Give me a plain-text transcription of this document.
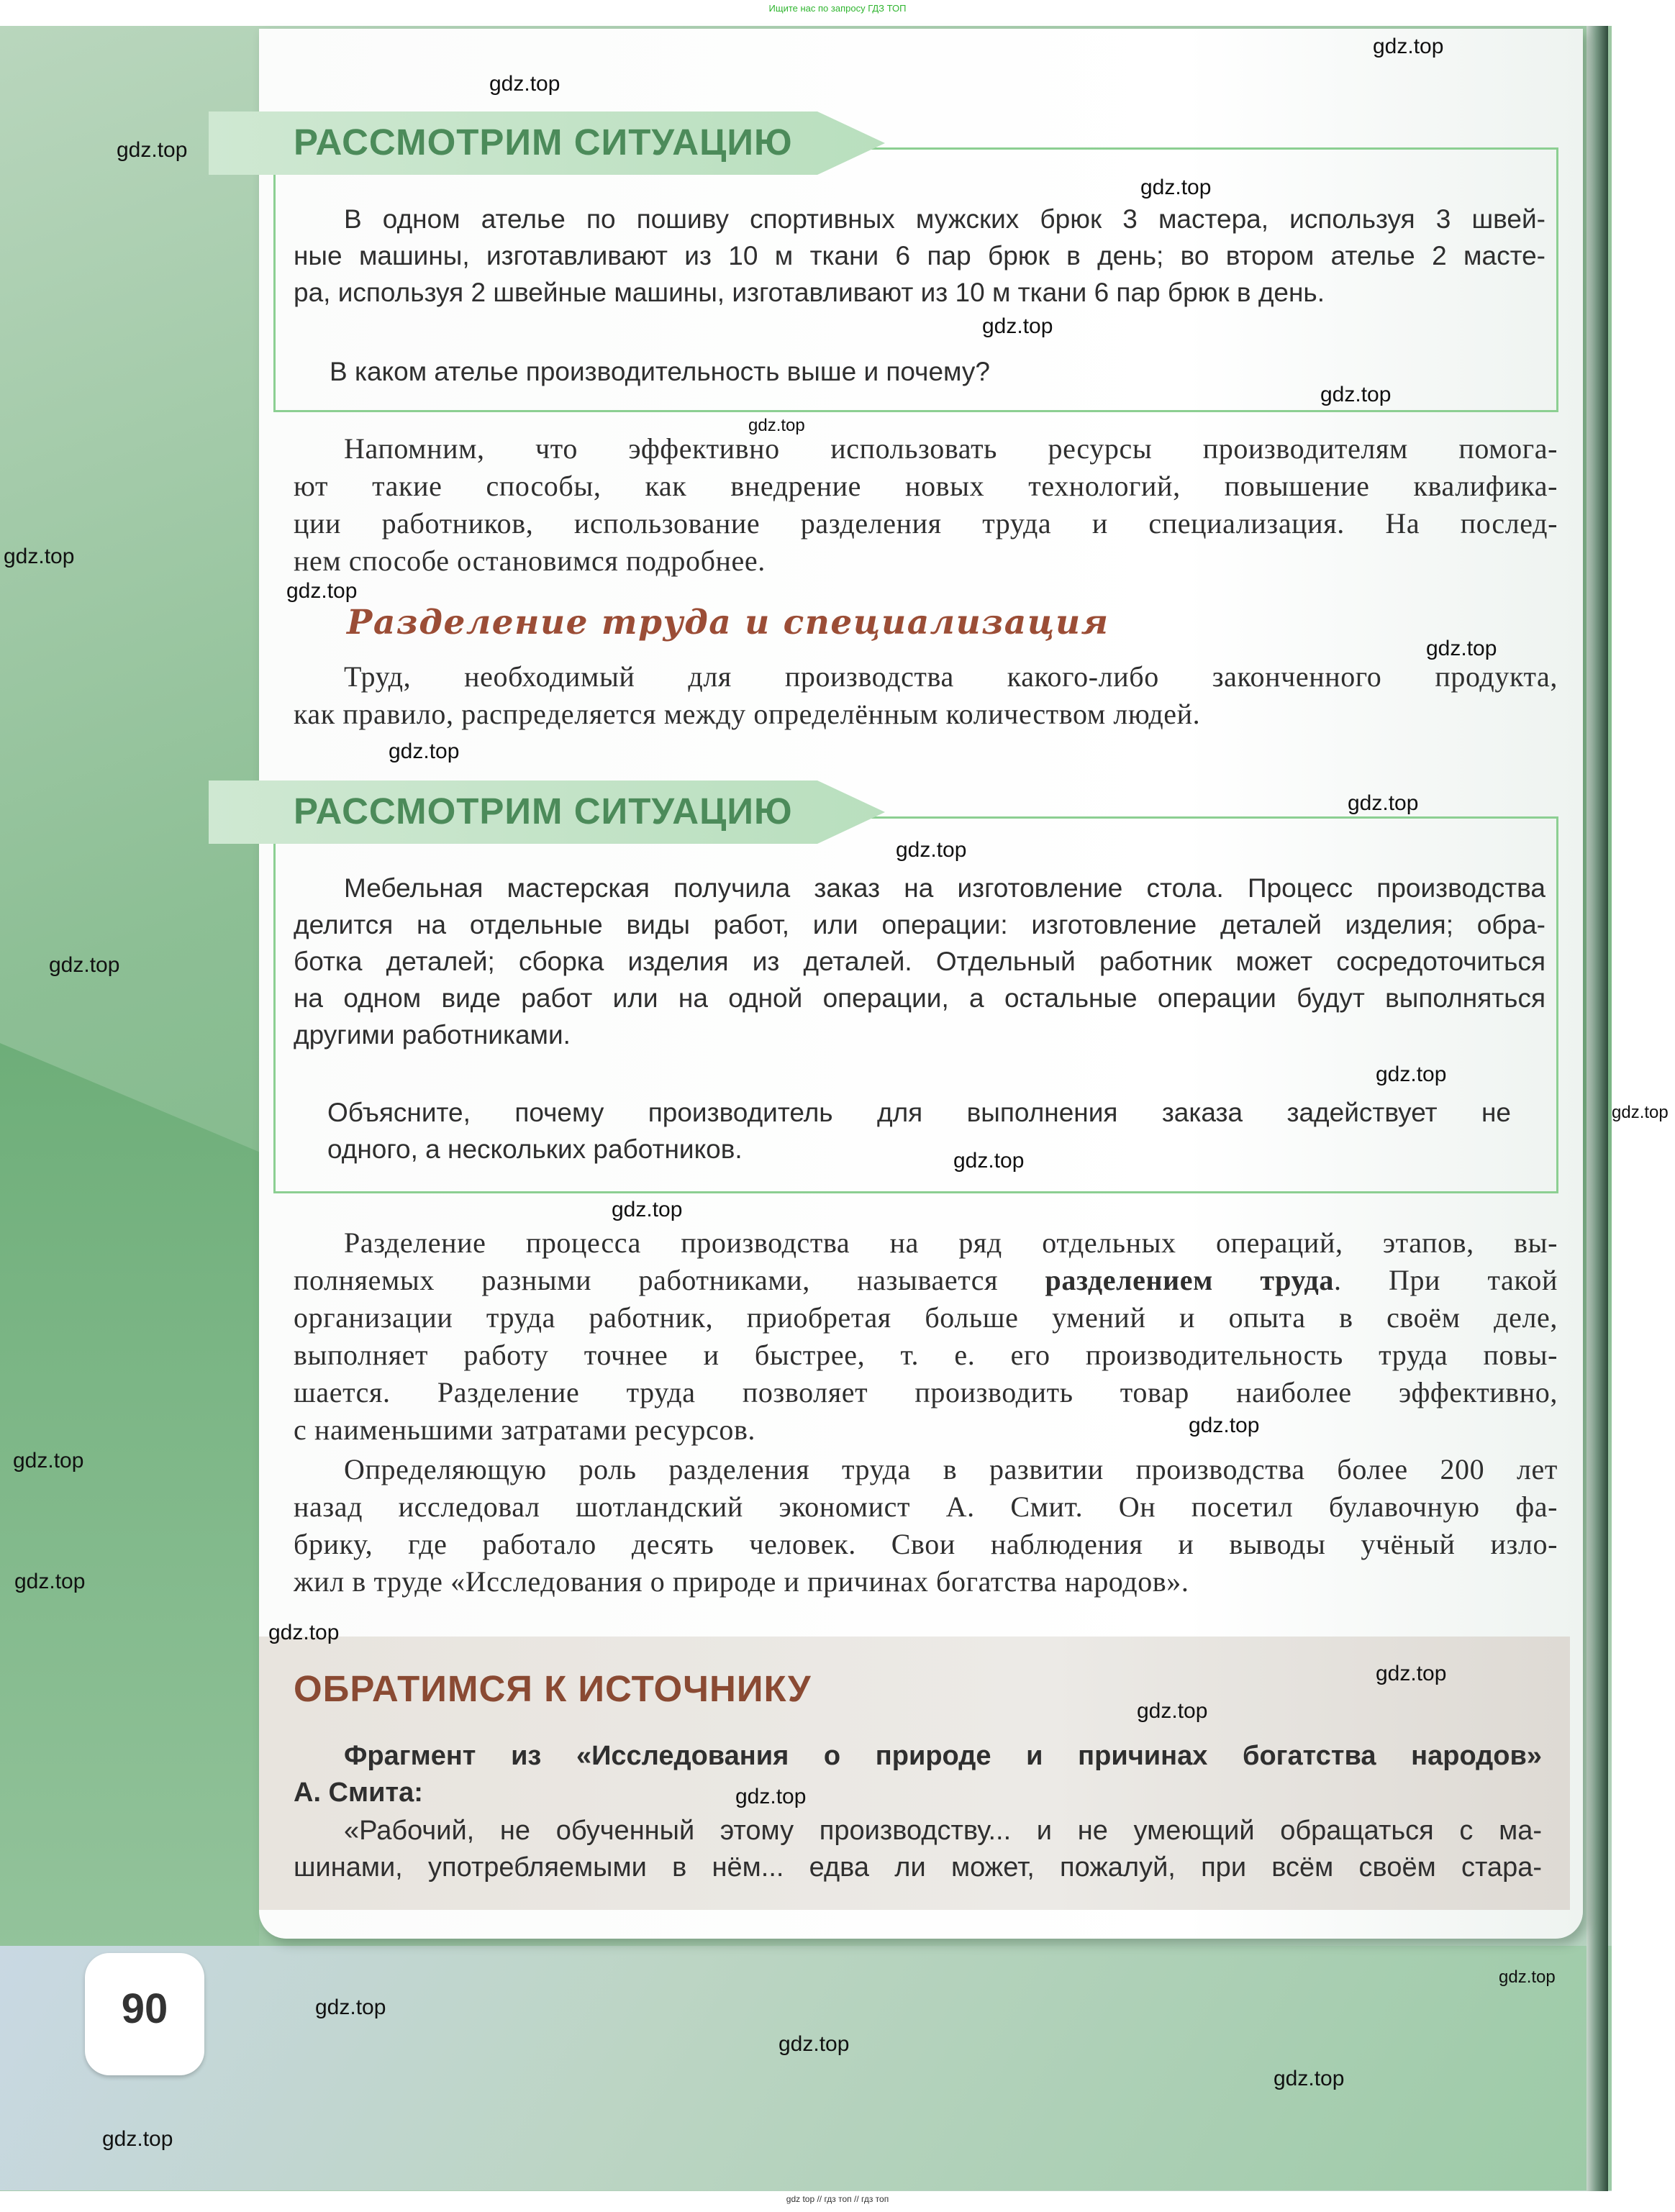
Ищите нас по запросу ГДЗ ТОП
РАССМОТРИМ СИТУАЦИЮ
В одном ателье по пошиву спортивных мужских брюк 3 мастера, используя 3 швей-
ные машины, изготавливают из 10 м ткани 6 пар брюк в день; во втором ателье 2 масте-
ра, используя 2 швейные машины, изготавливают из 10 м ткани 6 пар брюк в день.
В каком ателье производительность выше и почему?
Напомним, что эффективно использовать ресурсы производителям помога-
ют такие способы, как внедрение новых технологий, повышение квалифика-
ции работников, использование разделения труда и специализация. На послед-
нем способе остановимся подробнее.
Разделение труда и специализация
Труд, необходимый для производства какого-либо законченного продукта,
как правило, распределяется между определённым количеством людей.
РАССМОТРИМ СИТУАЦИЮ
Мебельная мастерская получила заказ на изготовление стола. Процесс производства
делится на отдельные виды работ, или операции: изготовление деталей изделия; обра-
ботка деталей; сборка изделия из деталей. Отдельный работник может сосредоточиться
на одном виде работ или на одной операции, а остальные операции будут выполняться
другими работниками.
Объясните, почему производитель для выполнения заказа задействует не
одного, а нескольких работников.
Разделение процесса производства на ряд отдельных операций, этапов, вы-
полняемых разными работниками, называется разделением труда. При такой
организации труда работник, приобретая больше умений и опыта в своём деле,
выполняет работу точнее и быстрее, т. е. его производительность труда повы-
шается. Разделение труда позволяет производить товар наиболее эффективно,
с наименьшими затратами ресурсов.
Определяющую роль разделения труда в развитии производства более 200 лет
назад исследовал шотландский экономист А. Смит. Он посетил булавочную фа-
брику, где работало десять человек. Свои наблюдения и выводы учёный изло-
жил в труде «Исследования о природе и причинах богатства народов».
ОБРАТИМСЯ К ИСТОЧНИКУ
Фрагмент из «Исследования о природе и причинах богатства народов»
А. Смита:
«Рабочий, не обученный этому производству... и не умеющий обращаться с ма-
шинами, употребляемыми в нём... едва ли может, пожалуй, при всём своём стара-
90
gdz top // гдз топ // гдз топ
gdz.top
gdz.top
gdz.top
gdz.top
gdz.top
gdz.top
gdz.top
gdz.top
gdz.top
gdz.top
gdz.top
gdz.top
gdz.top
gdz.top
gdz.top
gdz.top
gdz.top
gdz.top
gdz.top
gdz.top
gdz.top
gdz.top
gdz.top
gdz.top
gdz.top
gdz.top
gdz.top
gdz.top
gdz.top
gdz.top
